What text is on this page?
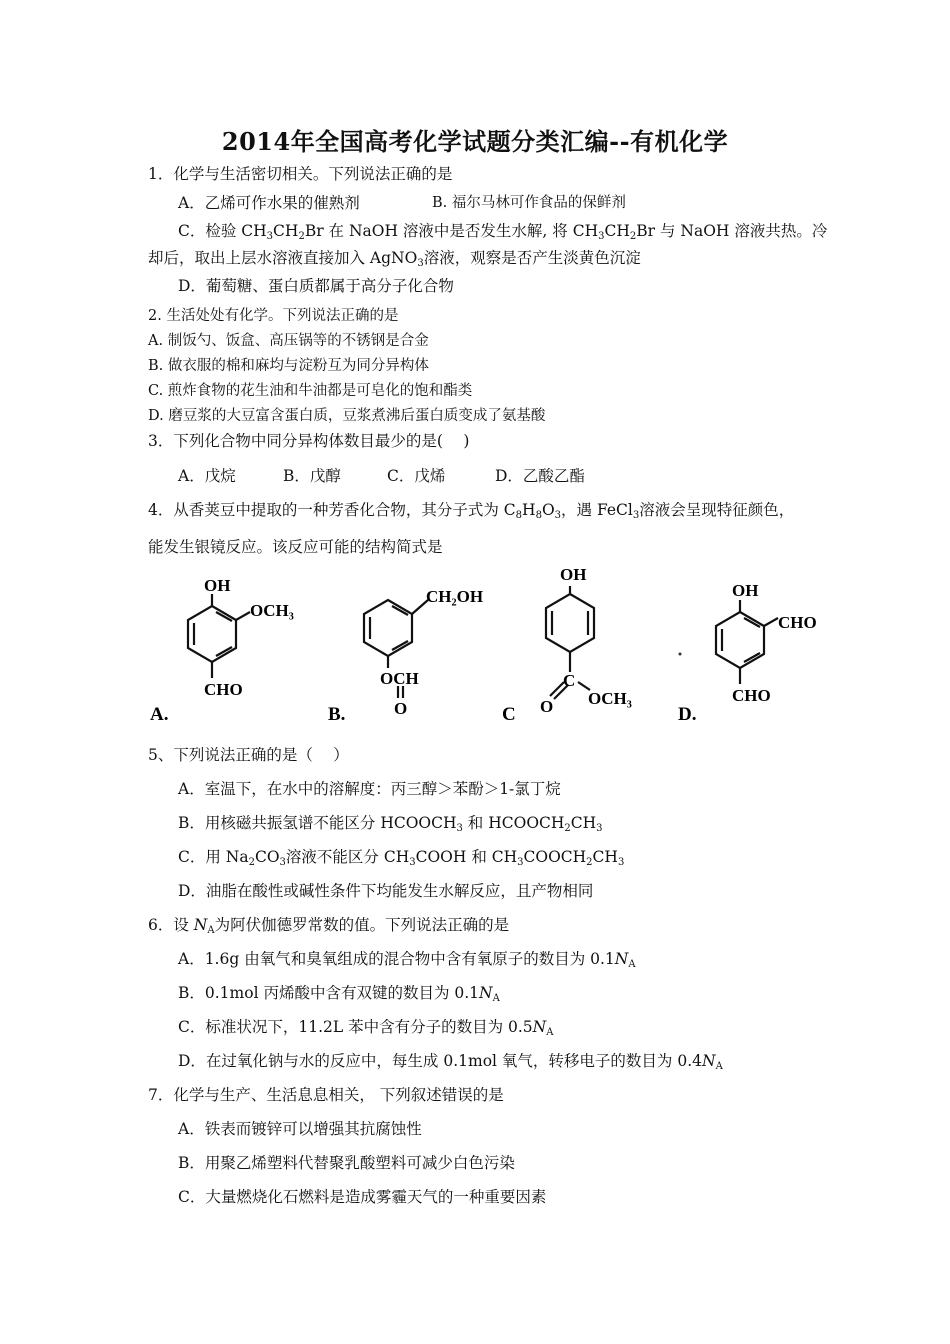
2014年全国高考化学试题分类汇编--有机化学
1．化学与生活密切相关。下列说法正确的是
A．乙烯可作水果的催熟剂	B. 福尔马林可作食品的保鲜剂
C．检验 $CH_3CH_2Br$ 在 NaOH 溶液中是否发生水解, 将 $CH_3CH_2Br$ 与 NaOH 溶液共热。冷
却后，取出上层水溶液直接加入 AgNO$_3$溶液，观察是否产生淡黄色沉淀
D．葡萄糖、蛋白质都属于高分子化合物
2. 生活处处有化学。下列说法正确的是
A. 制饭勺、饭盒、高压锅等的不锈钢是合金
B. 做衣服的棉和麻均与淀粉互为同分异构体
C. 煎炸食物的花生油和牛油都是可皂化的饱和酯类
D. 磨豆浆的大豆富含蛋白质，豆浆煮沸后蛋白质变成了氨基酸
3．下列化合物中同分异构体数目最少的是(　 )
A．戊烷	B．戊醇	C．戊烯	D．乙酸乙酯
4．从香荚豆中提取的一种芳香化合物，其分子式为 $C_8H_8O_3$，遇 FeCl$_3$溶液会呈现特征颜色，
能发生银镜反应。该反应可能的结构简式是
OH
OCH₃
CHO
A.
CH₂OH
OCH
O
B.
OH
C
O OCH₃
C
OH
CHO
CHO
D.
5、下列说法正确的是（　 ）
A．室温下，在水中的溶解度：丙三醇＞苯酚＞1-氯丁烷
B．用核磁共振氢谱不能区分 $HCOOCH_3$ 和 $HCOOCH_2CH_3$
C．用 $Na_2CO_3$溶液不能区分 $CH_3COOH$ 和 $CH_3COOCH_2CH_3$
D．油脂在酸性或碱性条件下均能发生水解反应，且产物相同
6．设 $N_A$为阿伏伽德罗常数的值。下列说法正确的是
A．1.6g 由氧气和臭氧组成的混合物中含有氧原子的数目为 $0.1N_A$
B．0.1mol 丙烯酸中含有双键的数目为 $0.1N_A$
C．标准状况下，11.2L 苯中含有分子的数目为 $0.5N_A$
D．在过氧化钠与水的反应中，每生成 0.1mol 氧气，转移电子的数目为 $0.4N_A$
7．化学与生产、生活息息相关， 下列叙述错误的是
A．铁表而镀锌可以增强其抗腐蚀性
B．用聚乙烯塑料代替聚乳酸塑料可减少白色污染
C．大量燃烧化石燃料是造成雾霾天气的一种重要因素
